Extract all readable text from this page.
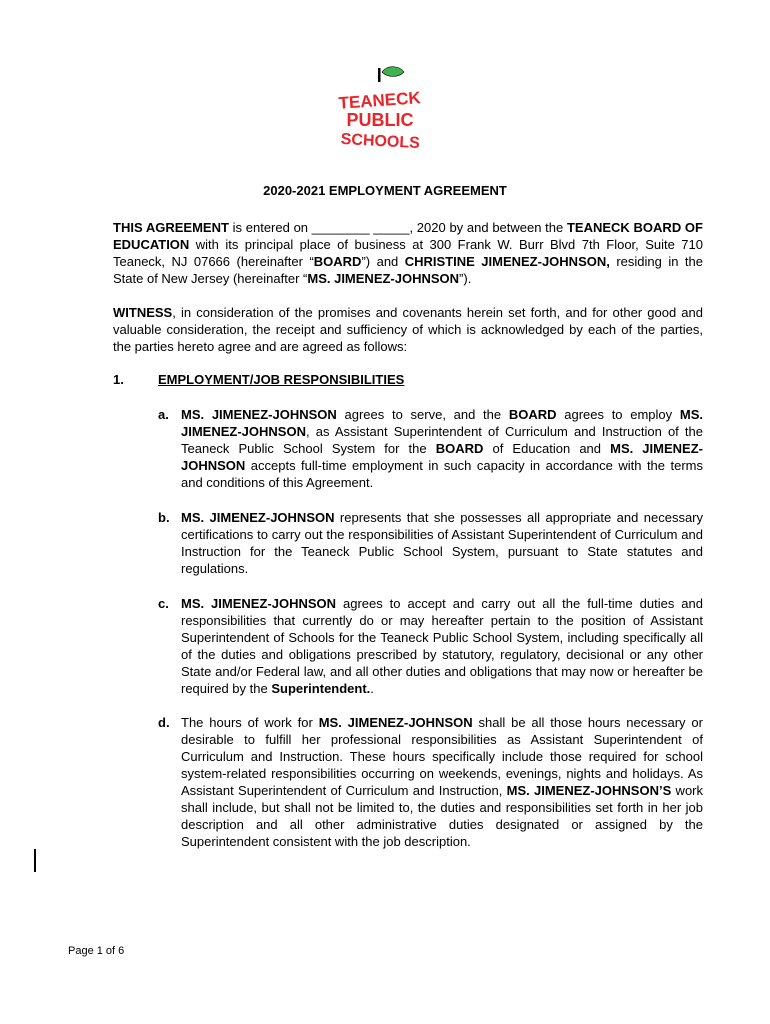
TEANECK
PUBLIC
SCHOOLS
2020-2021 EMPLOYMENT AGREEMENT
THIS AGREEMENT is entered on ________ _____, 2020 by and between the TEANECK BOARD OF EDUCATION with its principal place of business at 300 Frank W. Burr Blvd 7th Floor, Suite 710 Teaneck, NJ 07666 (hereinafter “BOARD”) and CHRISTINE JIMENEZ-JOHNSON, residing in the State of New Jersey (hereinafter “MS. JIMENEZ-JOHNSON”).
WITNESS, in consideration of the promises and covenants herein set forth, and for other good and valuable consideration, the receipt and sufficiency of which is acknowledged by each of the parties, the parties hereto agree and are agreed as follows:
1.	EMPLOYMENT/JOB RESPONSIBILITIES
a. MS. JIMENEZ-JOHNSON agrees to serve, and the BOARD agrees to employ MS. JIMENEZ-JOHNSON, as Assistant Superintendent of Curriculum and Instruction of the Teaneck Public School System for the BOARD of Education and MS. JIMENEZ-JOHNSON accepts full-time employment in such capacity in accordance with the terms and conditions of this Agreement.
b. MS. JIMENEZ-JOHNSON represents that she possesses all appropriate and necessary certifications to carry out the responsibilities of Assistant Superintendent of Curriculum and Instruction for the Teaneck Public School System, pursuant to State statutes and regulations.
c. MS. JIMENEZ-JOHNSON agrees to accept and carry out all the full-time duties and responsibilities that currently do or may hereafter pertain to the position of Assistant Superintendent of Schools for the Teaneck Public School System, including specifically all of the duties and obligations prescribed by statutory, regulatory, decisional or any other State and/or Federal law, and all other duties and obligations that may now or hereafter be required by the Superintendent..
d. The hours of work for MS. JIMENEZ-JOHNSON shall be all those hours necessary or desirable to fulfill her professional responsibilities as Assistant Superintendent of Curriculum and Instruction. These hours specifically include those required for school system-related responsibilities occurring on weekends, evenings, nights and holidays. As Assistant Superintendent of Curriculum and Instruction, MS. JIMENEZ-JOHNSON’S work shall include, but shall not be limited to, the duties and responsibilities set forth in her job description and all other administrative duties designated or assigned by the Superintendent consistent with the job description.
Page 1 of 6
